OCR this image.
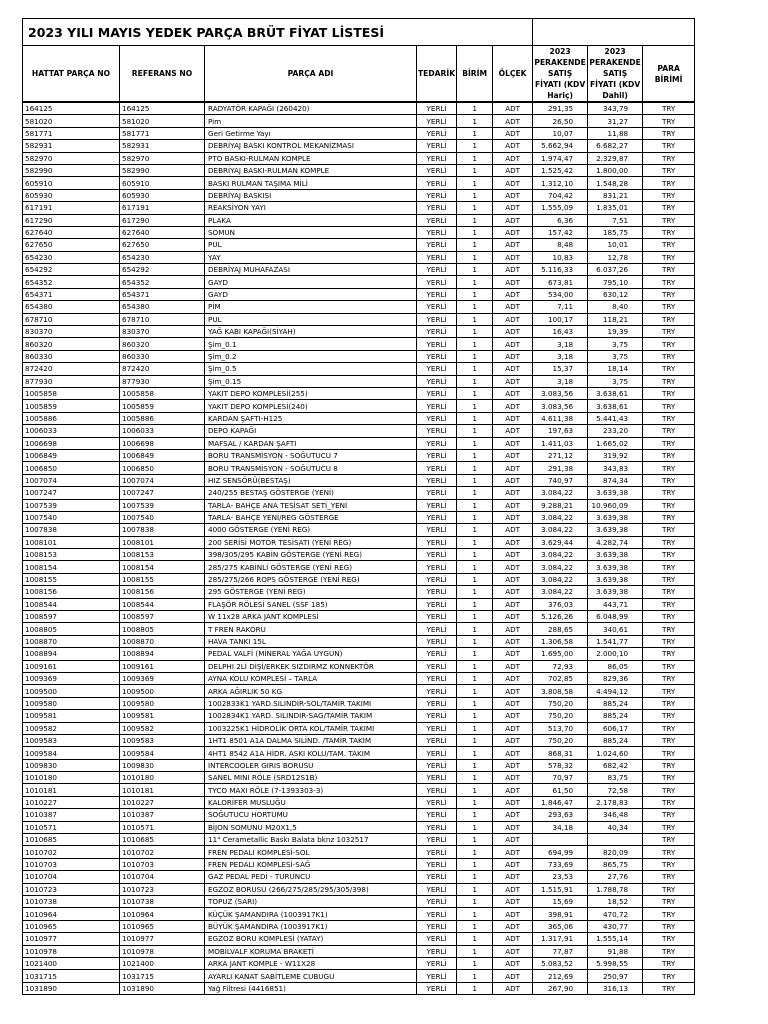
2023 YILI MAYIS YEDEK PARÇA BRÜT FİYAT LİSTESİ								
HATTAT PARÇA NO	REFERANS NO	PARÇA ADI	TEDARİK	BİRİM	ÖLÇEK	2023 PERAKENDE SATIŞ FİYATI (KDV Hariç)	2023 PERAKENDE SATIŞ FİYATI (KDV Dahil)	PARA BİRİMİ
164125	164125	RADYATÖR KAPAĞI (260420)	YERLİ	1	ADT	291,35	343,79	TRY
581020	581020	Pim	YERLİ	1	ADT	26,50	31,27	TRY
581771	581771	Geri Getirme Yayı	YERLİ	1	ADT	10,07	11,88	TRY
582931	582931	DEBRİYAJ BASKI KONTROL MEKANİZMASI	YERLİ	1	ADT	5.662,94	6.682,27	TRY
582970	582970	PTO BASKI-RULMAN KOMPLE	YERLİ	1	ADT	1.974,47	2.329,87	TRY
582990	582990	DEBRİYAJ BASKI-RULMAN KOMPLE	YERLİ	1	ADT	1.525,42	1.800,00	TRY
605910	605910	BASKI RULMAN TAŞIMA MİLİ	YERLİ	1	ADT	1.312,10	1.548,28	TRY
605930	605930	DEBRİYAJ BASKISI	YERLİ	1	ADT	704,42	831,21	TRY
617191	617191	REAKSİYON YAYI	YERLİ	1	ADT	1.555,09	1.835,01	TRY
617290	617290	PLAKA	YERLİ	1	ADT	6,36	7,51	TRY
627640	627640	SOMUN	YERLİ	1	ADT	157,42	185,75	TRY
627650	627650	PUL	YERLİ	1	ADT	8,48	10,01	TRY
654230	654230	YAY	YERLİ	1	ADT	10,83	12,78	TRY
654292	654292	DEBRİYAJ MUHAFAZASI	YERLİ	1	ADT	5.116,33	6.037,26	TRY
654352	654352	GAYD	YERLİ	1	ADT	673,81	795,10	TRY
654371	654371	GAYD	YERLİ	1	ADT	534,00	630,12	TRY
654380	654380	PİM	YERLİ	1	ADT	7,11	8,40	TRY
678710	678710	PUL	YERLİ	1	ADT	100,17	118,21	TRY
830370	830370	YAĞ KABI KAPAĞI(SİYAH)	YERLİ	1	ADT	16,43	19,39	TRY
860320	860320	Şim_0.1	YERLİ	1	ADT	3,18	3,75	TRY
860330	860330	Şim_0.2	YERLİ	1	ADT	3,18	3,75	TRY
872420	872420	Şim_0.5	YERLİ	1	ADT	15,37	18,14	TRY
877930	877930	Şim_0.15	YERLİ	1	ADT	3,18	3,75	TRY
1005858	1005858	YAKIT DEPO KOMPLESİ(255)	YERLİ	1	ADT	3.083,56	3.638,61	TRY
1005859	1005859	YAKIT DEPO KOMPLESİ(240)	YERLİ	1	ADT	3.083,56	3.638,61	TRY
1005886	1005886	KARDAN ŞAFTI-H125	YERLİ	1	ADT	4.611,38	5.441,43	TRY
1006033	1006033	DEPO KAPAĞI	YERLİ	1	ADT	197,63	233,20	TRY
1006698	1006698	MAFSAL / KARDAN ŞAFTI	YERLİ	1	ADT	1.411,03	1.665,02	TRY
1006849	1006849	BORU TRANSMİSYON - SOĞUTUCU 7	YERLİ	1	ADT	271,12	319,92	TRY
1006850	1006850	BORU TRANSMİSYON - SOĞUTUCU 8	YERLİ	1	ADT	291,38	343,83	TRY
1007074	1007074	HIZ SENSÖRÜ(BESTAŞ)	YERLİ	1	ADT	740,97	874,34	TRY
1007247	1007247	240/255 BESTAŞ GÖSTERGE (YENİ)	YERLİ	1	ADT	3.084,22	3.639,38	TRY
1007539	1007539	TARLA- BAHÇE ANA TESİSAT SETİ_YENİ	YERLİ	1	ADT	9.288,21	10.960,09	TRY
1007540	1007540	TARLA- BAHÇE YENİ/REG GÖSTERGE	YERLİ	1	ADT	3.084,22	3.639,38	TRY
1007838	1007838	4000 GÖSTERGE (YENİ REG)	YERLİ	1	ADT	3.084,22	3.639,38	TRY
1008101	1008101	200 SERİSİ MOTOR TESİSATI (YENİ REG)	YERLİ	1	ADT	3.629,44	4.282,74	TRY
1008153	1008153	398/305/295 KABİN GÖSTERGE (YENİ REG)	YERLİ	1	ADT	3.084,22	3.639,38	TRY
1008154	1008154	285/275 KABİNLİ GÖSTERGE (YENİ REG)	YERLİ	1	ADT	3.084,22	3.639,38	TRY
1008155	1008155	285/275/266 ROPS GÖSTERGE (YENİ REG)	YERLİ	1	ADT	3.084,22	3.639,38	TRY
1008156	1008156	295 GÖSTERGE (YENİ REG)	YERLİ	1	ADT	3.084,22	3.639,38	TRY
1008544	1008544	FLAŞÖR RÖLESİ SANEL (SSF 185)	YERLİ	1	ADT	376,03	443,71	TRY
1008597	1008597	W 11x28 ARKA JANT KOMPLESİ	YERLİ	1	ADT	5.126,26	6.048,99	TRY
1008805	1008805	T FREN RAKORU	YERLİ	1	ADT	288,65	340,61	TRY
1008870	1008870	HAVA TANKI 15L	YERLİ	1	ADT	1.306,58	1.541,77	TRY
1008894	1008894	PEDAL VALFİ (MİNERAL YAĞA UYGUN)	YERLİ	1	ADT	1.695,00	2.000,10	TRY
1009161	1009161	DELPHI 2Lİ DİŞİ/ERKEK SIZDIRMZ KONNEKTÖR	YERLİ	1	ADT	72,93	86,05	TRY
1009369	1009369	AYNA KOLU KOMPLESİ – TARLA	YERLİ	1	ADT	702,85	829,36	TRY
1009500	1009500	ARKA AĞIRLIK 50 KG	YERLİ	1	ADT	3.808,58	4.494,12	TRY
1009580	1009580	1002833K1 YARD.SILINDIR-SOL/TAMİR TAKIMI	YERLİ	1	ADT	750,20	885,24	TRY
1009581	1009581	1002834K1 YARD. SILINDIR-SAG/TAMİR TAKIM	YERLİ	1	ADT	750,20	885,24	TRY
1009582	1009582	1003225K1 HİDROLİK ORTA KOL/TAMİR TAKIMI	YERLİ	1	ADT	513,70	606,17	TRY
1009583	1009583	1HT1 8501 A1A DALMA SILİND. /TAMİR TAKIM	YERLİ	1	ADT	750,20	885,24	TRY
1009584	1009584	4HT1 8542 A1A HİDR. ASKI KOLU/TAM. TAKIM	YERLİ	1	ADT	868,31	1.024,60	TRY
1009830	1009830	INTERCOOLER GIRIS BORUSU	YERLİ	1	ADT	578,32	682,42	TRY
1010180	1010180	SANEL MINI RÖLE (SRD12S1B)	YERLİ	1	ADT	70,97	83,75	TRY
1010181	1010181	TYCO MAXI RÖLE (7-1393303-3)	YERLİ	1	ADT	61,50	72,58	TRY
1010227	1010227	KALORİFER MUSLUĞU	YERLİ	1	ADT	1.846,47	2.178,83	TRY
1010387	1010387	SOĞUTUCU HORTUMU	YERLİ	1	ADT	293,63	346,48	TRY
1010571	1010571	BİJON SOMUNU M20X1,5	YERLİ	1	ADT	34,18	40,34	TRY
1010685	1010685	11" Cerametallic Baskı Balata bknz 1032517	YERLİ	1	ADT			TRY
1010702	1010702	FREN PEDALI KOMPLESİ-SOL	YERLİ	1	ADT	694,99	820,09	TRY
1010703	1010703	FREN PEDALI KOMPLESİ-SAĞ	YERLİ	1	ADT	733,69	865,75	TRY
1010704	1010704	GAZ PEDAL PEDİ - TURUNCU	YERLİ	1	ADT	23,53	27,76	TRY
1010723	1010723	EGZOZ BORUSU (266/275/285/295/305/398)	YERLİ	1	ADT	1.515,91	1.788,78	TRY
1010738	1010738	TOPUZ (SARI)	YERLİ	1	ADT	15,69	18,52	TRY
1010964	1010964	KÜÇÜK ŞAMANDIRA (1003917K1)	YERLİ	1	ADT	398,91	470,72	TRY
1010965	1010965	BÜYÜK ŞAMANDIRA (1003917K1)	YERLİ	1	ADT	365,06	430,77	TRY
1010977	1010977	EGZOZ BORU KOMPLESİ (YATAY)	YERLİ	1	ADT	1.317,91	1.555,14	TRY
1010978	1010978	MOBİLVALF KORUMA BRAKETİ	YERLİ	1	ADT	77,87	91,88	TRY
1021400	1021400	ARKA JANT KOMPLE - W11X28	YERLİ	1	ADT	5.083,52	5.998,55	TRY
1031715	1031715	AYARLI KANAT SABİTLEME CUBUGU	YERLİ	1	ADT	212,69	250,97	TRY
1031890	1031890	Yağ Filtresi (4416851)	YERLİ	1	ADT	267,90	316,13	TRY
